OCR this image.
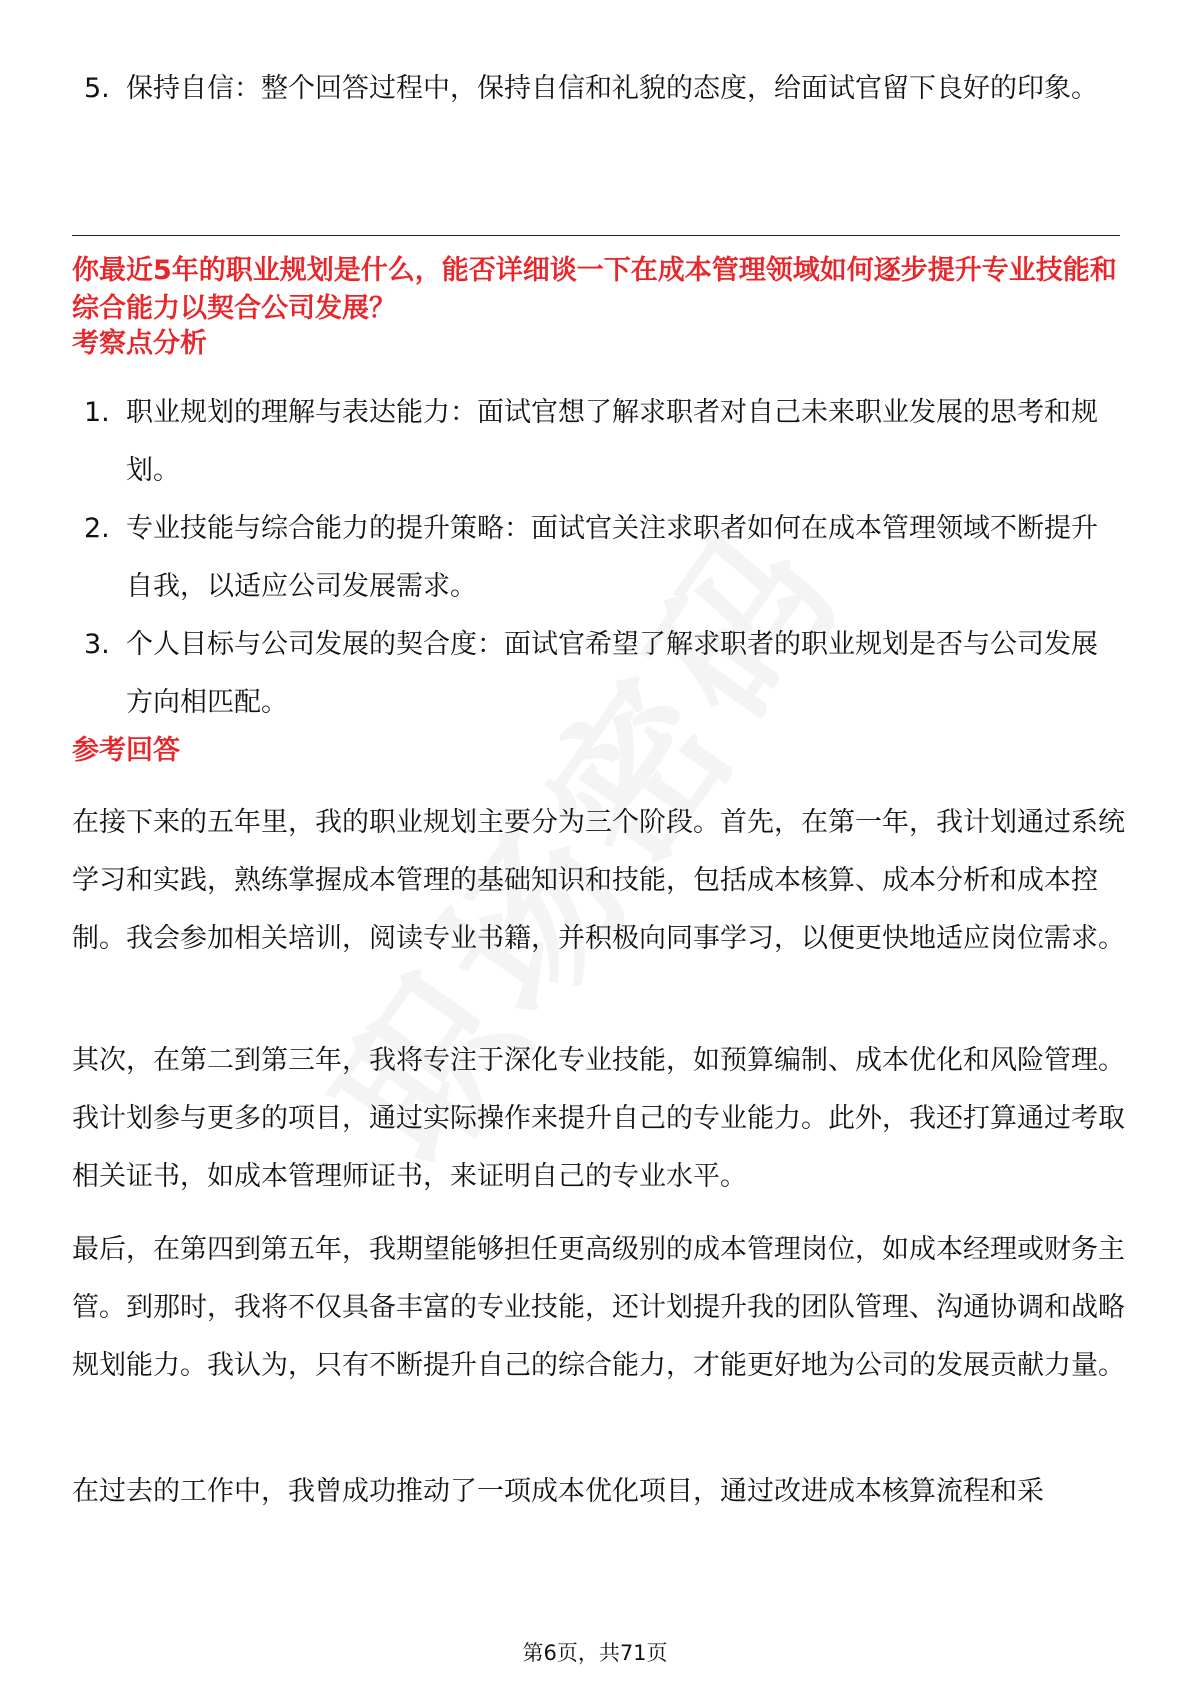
5. 保持自信：整个回答过程中，保持自信和礼貌的态度，给面试官留下良好的印象。

你最近5年的职业规划是什么，能否详细谈一下在成本管理领域如何逐步提升专业技能和综合能力以契合公司发展？

考察点分析
1. 职业规划的理解与表达能力：面试官想了解求职者对自己未来职业发展的思考和规划。
2. 专业技能与综合能力的提升策略：面试官关注求职者如何在成本管理领域不断提升自我，以适应公司发展需求。
3. 个人目标与公司发展的契合度：面试官希望了解求职者的职业规划是否与公司发展方向相匹配。
参考回答

在接下来的五年里，我的职业规划主要分为三个阶段。首先，在第一年，我计划通过系统学习和实践，熟练掌握成本管理的基础知识和技能，包括成本核算、成本分析和成本控制。我会参加相关培训，阅读专业书籍，并积极向同事学习，以便更快地适应岗位需求。

其次，在第二到第三年，我将专注于深化专业技能，如预算编制、成本优化和风险管理。我计划参与更多的项目，通过实际操作来提升自己的专业能力。此外，我还打算通过考取相关证书，如成本管理师证书，来证明自己的专业水平。

最后，在第四到第五年，我期望能够担任更高级别的成本管理岗位，如成本经理或财务主管。到那时，我将不仅具备丰富的专业技能，还计划提升我的团队管理、沟通协调和战略规划能力。我认为，只有不断提升自己的综合能力，才能更好地为公司的发展贡献力量。

在过去的工作中，我曾成功推动了一项成本优化项目，通过改进成本核算流程和采

第6页，共71页
